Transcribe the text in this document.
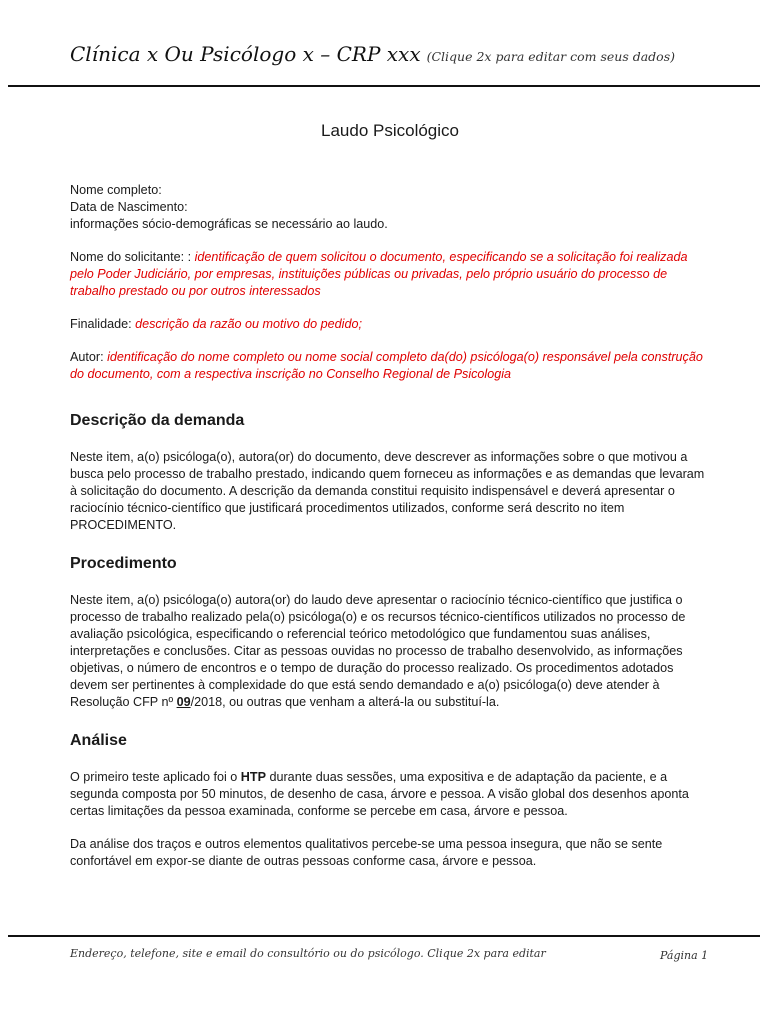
Clínica x Ou Psicólogo x – CRP xxx (Clique 2x para editar com seus dados)
Laudo Psicológico
Nome completo:
Data de Nascimento:
informações sócio-demográficas se necessário ao laudo.
Nome do solicitante: : identificação de quem solicitou o documento, especificando se a solicitação foi realizada pelo Poder Judiciário, por empresas, instituições públicas ou privadas, pelo próprio usuário do processo de trabalho prestado ou por outros interessados
Finalidade: descrição da razão ou motivo do pedido;
Autor: identificação do nome completo ou nome social completo da(do) psicóloga(o) responsável pela construção do documento, com a respectiva inscrição no Conselho Regional de Psicologia
Descrição da demanda
Neste item, a(o) psicóloga(o), autora(or) do documento, deve descrever as informações sobre o que motivou a busca pelo processo de trabalho prestado, indicando quem forneceu as informações e as demandas que levaram à solicitação do documento. A descrição da demanda constitui requisito indispensável e deverá apresentar o raciocínio técnico-científico que justificará procedimentos utilizados, conforme será descrito no item PROCEDIMENTO.
Procedimento
Neste item, a(o) psicóloga(o) autora(or) do laudo deve apresentar o raciocínio técnico-científico que justifica o processo de trabalho realizado pela(o) psicóloga(o) e os recursos técnico-científicos utilizados no processo de avaliação psicológica, especificando o referencial teórico metodológico que fundamentou suas análises, interpretações e conclusões. Citar as pessoas ouvidas no processo de trabalho desenvolvido, as informações objetivas, o número de encontros e o tempo de duração do processo realizado. Os procedimentos adotados devem ser pertinentes à complexidade do que está sendo demandado e a(o) psicóloga(o) deve atender à Resolução CFP nº 09/2018, ou outras que venham a alterá-la ou substituí-la.
Análise
O primeiro teste aplicado foi o HTP durante duas sessões, uma expositiva e de adaptação da paciente, e a segunda composta por 50 minutos, de desenho de casa, árvore e pessoa. A visão global dos desenhos aponta certas limitações da pessoa examinada, conforme se percebe em casa, árvore e pessoa.
Da análise dos traços e outros elementos qualitativos percebe-se uma pessoa insegura, que não se sente confortável em expor-se diante de outras pessoas conforme casa, árvore e pessoa.
Endereço, telefone, site e email do consultório ou do psicólogo. Clique 2x para editar	Página 1
